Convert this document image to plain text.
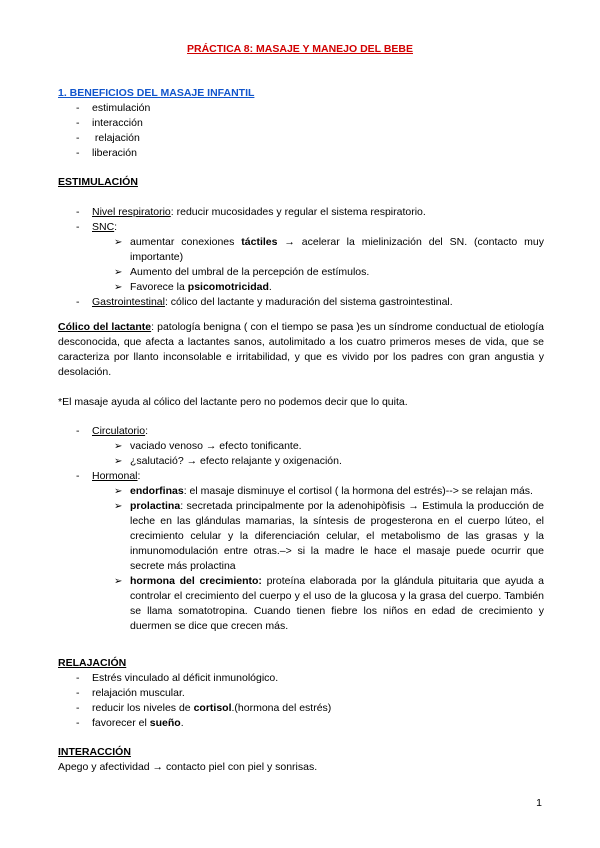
PRÁCTICA 8: MASAJE Y MANEJO DEL BEBE
1. BENEFICIOS DEL MASAJE INFANTIL
- estimulación
- interacción
-  relajación
- liberación
ESTIMULACIÓN
- Nivel respiratorio: reducir mucosidades y regular el sistema respiratorio.
- SNC:
➢ aumentar conexiones táctiles → acelerar la mielinización del SN. (contacto muy importante)
➢ Aumento del umbral de la percepción de estímulos.
➢ Favorece la psicomotricidad.
- Gastrointestinal: cólico del lactante y maduración del sistema gastrointestinal.
Cólico del lactante: patología benigna ( con el tiempo se pasa )es un síndrome conductual de etiología desconocida, que afecta a lactantes sanos, autolimitado a los cuatro primeros meses de vida, que se caracteriza por llanto inconsolable e irritabilidad, y que es vivido por los padres con gran angustia y desolación.
*El masaje ayuda al cólico del lactante pero no podemos decir que lo quita.
- Circulatorio:
➢ vaciado venoso → efecto tonificante.
➢ ¿salutació? → efecto relajante y oxigenación.
- Hormonal:
➢ endorfinas: el masaje disminuye el cortisol ( la hormona del estrés)--> se relajan más.
➢ prolactina: secretada principalmente por la adenohipòfisis → Estimula la producción de leche en las glándulas mamarias, la síntesis de progesterona en el cuerpo lúteo, el crecimiento celular y la diferenciación celular, el metabolismo de las grasas y la inmunomodulación entre otras.–> si la madre le hace el masaje puede ocurrir que secrete más prolactina
➢ hormona del crecimiento: proteína elaborada por la glándula pituitaria que ayuda a controlar el crecimiento del cuerpo y el uso de la glucosa y la grasa del cuerpo. También se llama somatotropina. Cuando tienen fiebre los niños en edad de crecimiento y duermen se dice que crecen más.
RELAJACIÓN
- Estrés vinculado al déficit inmunológico.
- relajación muscular.
- reducir los niveles de cortisol.(hormona del estrés)
- favorecer el sueño.
INTERACCIÓN
Apego y afectividad → contacto piel con piel y sonrisas.
1
